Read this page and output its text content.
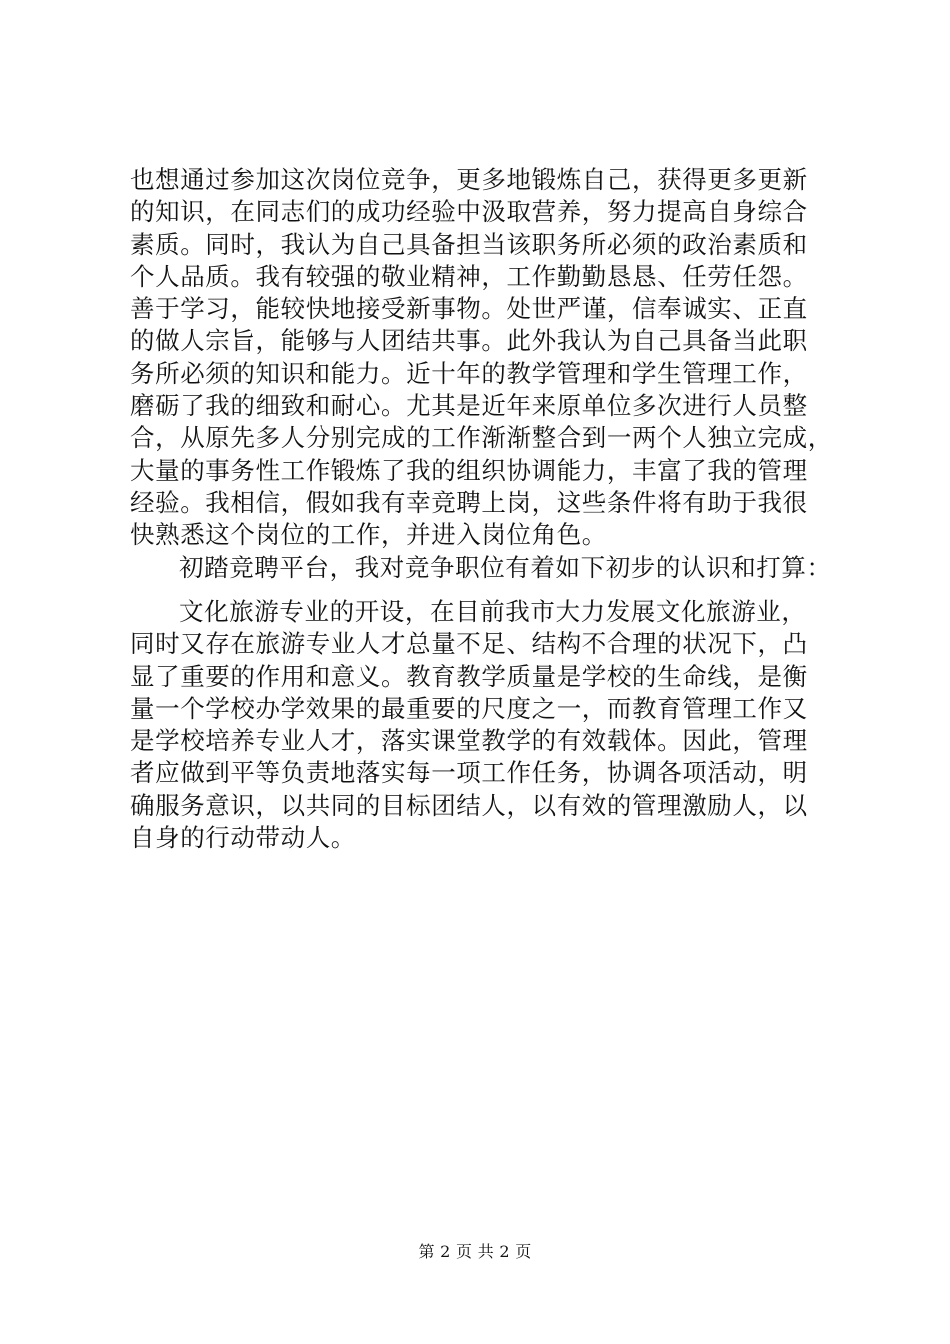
也想通过参加这次岗位竞争，更多地锻炼自己，获得更多更新
的知识，在同志们的成功经验中汲取营养，努力提高自身综合
素质。同时，我认为自己具备担当该职务所必须的政治素质和
个人品质。我有较强的敬业精神，工作勤勤恳恳、任劳任怨。
善于学习，能较快地接受新事物。处世严谨，信奉诚实、正直
的做人宗旨，能够与人团结共事。此外我认为自己具备当此职
务所必须的知识和能力。近十年的教学管理和学生管理工作，
磨砺了我的细致和耐心。尤其是近年来原单位多次进行人员整
合，从原先多人分别完成的工作渐渐整合到一两个人独立完成，
大量的事务性工作锻炼了我的组织协调能力，丰富了我的管理
经验。我相信，假如我有幸竞聘上岗，这些条件将有助于我很
快熟悉这个岗位的工作，并进入岗位角色。
初踏竞聘平台，我对竞争职位有着如下初步的认识和打算：
文化旅游专业的开设，在目前我市大力发展文化旅游业，
同时又存在旅游专业人才总量不足、结构不合理的状况下，凸
显了重要的作用和意义。教育教学质量是学校的生命线，是衡
量一个学校办学效果的最重要的尺度之一，而教育管理工作又
是学校培养专业人才，落实课堂教学的有效载体。因此，管理
者应做到平等负责地落实每一项工作任务，协调各项活动，明
确服务意识，以共同的目标团结人，以有效的管理激励人，以
自身的行动带动人。
第 2 页 共 2 页
